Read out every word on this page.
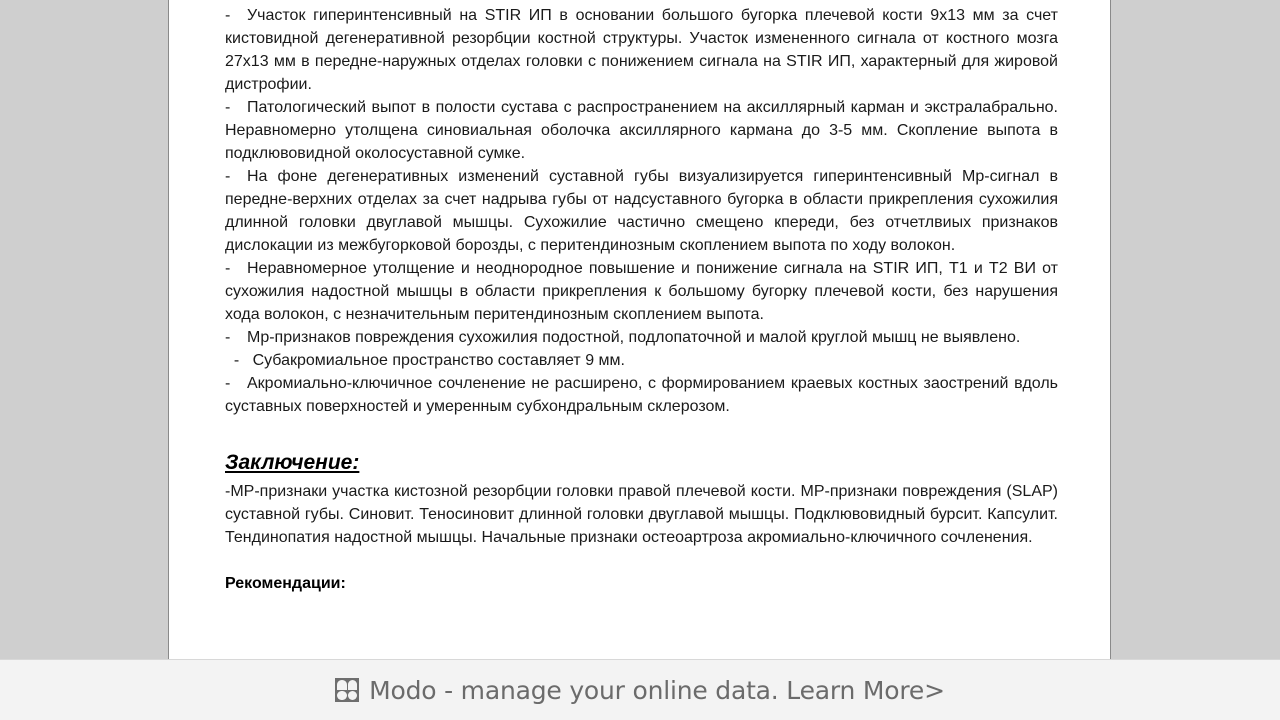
- Участок гиперинтенсивный на STIR ИП в основании большого бугорка плечевой кости 9х13 мм за счет кистовидной дегенеративной резорбции костной структуры. Участок измененного сигнала от костного мозга 27х13 мм в передне-наружных отделах головки с понижением сигнала на STIR ИП, характерный для жировой дистрофии.

- Патологический выпот в полости сустава с распространением на аксиллярный карман и экстралабрально. Неравномерно утолщена синовиальная оболочка аксиллярного кармана до 3-5 мм. Скопление выпота в подклювовидной околосуставной сумке.

- На фоне дегенеративных изменений суставной губы визуализируется гиперинтенсивный Мр-сигнал в передне-верхних отделах за счет надрыва губы от надсуставного бугорка в области прикрепления сухожилия длинной головки двуглавой мышцы. Сухожилие частично смещено кпереди, без отчетлвиых признаков дислокации из межбугорковой борозды, с перитендинозным скоплением выпота по ходу волокон.

- Неравномерное утолщение и неоднородное повышение и понижение сигнала на STIR ИП, Т1 и Т2 ВИ от сухожилия надостной мышцы в области прикрепления к большому бугорку плечевой кости, без нарушения хода волокон, с незначительным перитендинозным скоплением выпота.

- Мр-признаков повреждения сухожилия подостной, подлопаточной и малой круглой мышц не выявлено.

- Субакромиальное пространство составляет 9 мм.

- Акромиально-ключичное сочленение не расширено, с формированием краевых костных заострений вдоль суставных поверхностей и умеренным субхондральным склерозом.

Заключение:

-МР-признаки участка кистозной резорбции головки правой плечевой кости. МР-признаки повреждения (SLAP) суставной губы. Синовит. Теносиновит длинной головки двуглавой мышцы. Подклювовидный бурсит. Капсулит. Тендинопатия надостной мышцы. Начальные признаки остеоартроза акромиально-ключичного сочленения.

Рекомендации:
Modo - manage your online data. Learn More>
